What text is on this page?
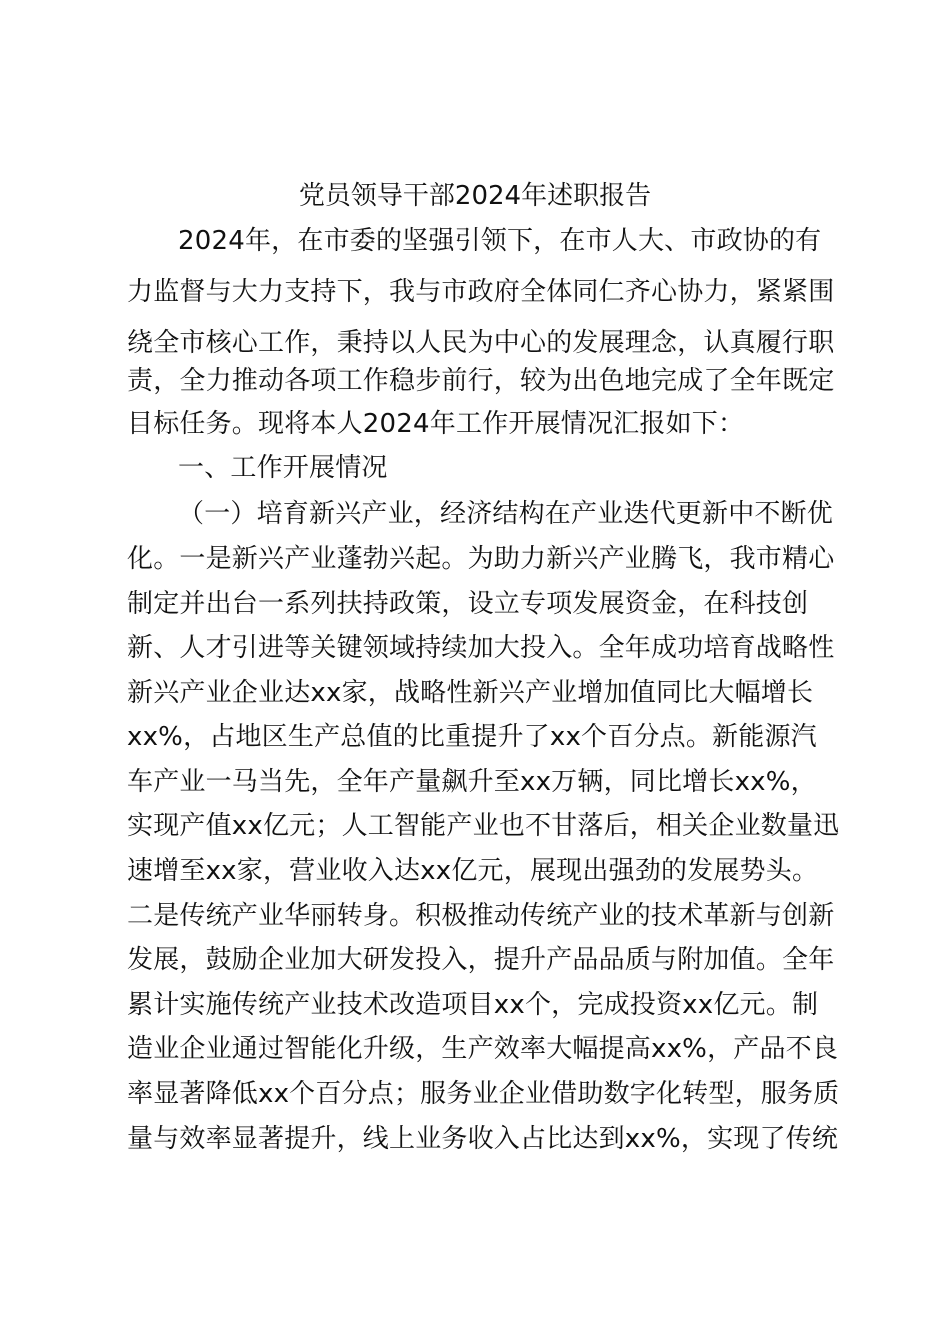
党员领导干部2024年述职报告
2024年，在市委的坚强引领下，在市人大、市政协的有
力监督与大力支持下，我与市政府全体同仁齐心协力，紧紧围
绕全市核心工作，秉持以人民为中心的发展理念，认真履行职
责，全力推动各项工作稳步前行，较为出色地完成了全年既定
目标任务。现将本人2024年工作开展情况汇报如下：
一、工作开展情况
（一）培育新兴产业，经济结构在产业迭代更新中不断优
化。一是新兴产业蓬勃兴起。为助力新兴产业腾飞，我市精心
制定并出台一系列扶持政策，设立专项发展资金，在科技创
新、人才引进等关键领域持续加大投入。全年成功培育战略性
新兴产业企业达xx家，战略性新兴产业增加值同比大幅增长
xx%，占地区生产总值的比重提升了xx个百分点。新能源汽
车产业一马当先，全年产量飙升至xx万辆，同比增长xx%，
实现产值xx亿元；人工智能产业也不甘落后，相关企业数量迅
速增至xx家，营业收入达xx亿元，展现出强劲的发展势头。
二是传统产业华丽转身。积极推动传统产业的技术革新与创新
发展，鼓励企业加大研发投入，提升产品品质与附加值。全年
累计实施传统产业技术改造项目xx个，完成投资xx亿元。制
造业企业通过智能化升级，生产效率大幅提高xx%，产品不良
率显著降低xx个百分点；服务业企业借助数字化转型，服务质
量与效率显著提升，线上业务收入占比达到xx%，实现了传统
